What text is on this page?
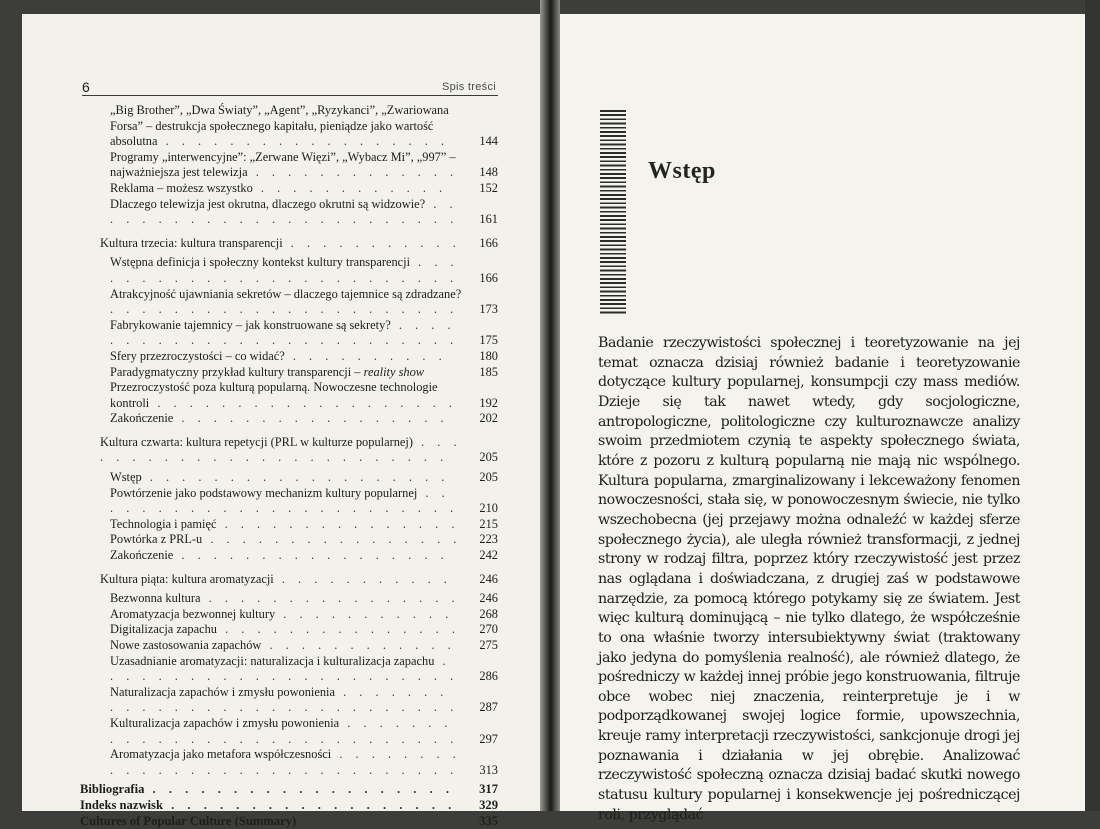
6	Spis treści
„Big Brother”, „Dwa Światy”, „Agent”, „Ryzykanci”, „Zwariowana Forsa” – destrukcja społecznego kapitału, pieniądze jako wartość absolutna . . . . . . . . . . . . . . . . . .	144
Programy „interwencyjne”: „Zerwane Więzi”, „Wybacz Mi”, „997” – najważniejsza jest telewizja . . . . . . . . . . . . .	148
Reklama – możesz wszystko . . . . . . . . . . . .	152
Dlaczego telewizja jest okrutna, dlaczego okrutni są widzowie? . . . . . . . . . . . . . . . . . . . . . . . .	161
Kultura trzecia: kultura transparencji . . . . . . . . . . . 166
Wstępna definicja i społeczny kontekst kultury transparencji . . . . . . . . . . . . . . . . . . . . . . . . .	166
Atrakcyjność ujawniania sekretów – dlaczego tajemnice są zdradzane? . . . . . . . . . . . . . . . . . . . . . .	173
Fabrykowanie tajemnicy – jak konstruowane są sekrety? . . . . . . . . . . . . . . . . . . . . . . . . . .	175
Sfery przezroczystości – co widać? . . . . . . . . . .	180
Paradygmatyczny przykład kultury transparencji – reality show	185
Przezroczystość poza kulturą popularną. Nowoczesne technologie kontroli . . . . . . . . . . . . . . . . . . .	192
Zakończenie . . . . . . . . . . . . . . . . .	202
Kultura czwarta: kultura repetycji (PRL w kulturze popularnej) . . . . . . . . . . . . . . . . . . . . . . . . .	205
Wstęp . . . . . . . . . . . . . . . . . . .	205
Powtórzenie jako podstawowy mechanizm kultury popularnej . . . . . . . . . . . . . . . . . . . . . . . .	210
Technologia i pamięć . . . . . . . . . . . . . . . 215
Powtórka z PRL-u . . . . . . . . . . . . . . . . 223
Zakończenie . . . . . . . . . . . . . . . . .	242
Kultura piąta: kultura aromatyzacji . . . . . . . . . . .	246
Bezwonna kultura . . . . . . . . . . . . . . . . 246
Aromatyzacja bezwonnej kultury . . . . . . . . . . .	268
Digitalizacja zapachu . . . . . . . . . . . . . . . 270
Nowe zastosowania zapachów . . . . . . . . . . . .	275
Uzasadnianie aromatyzacji: naturalizacja i kulturalizacja zapachu . . . . . . . . . . . . . . . . . . . . . . .	286
Naturalizacja zapachów i zmysłu powonienia . . . . . . . . . . . . . . . . . . . . . . . . . . . . .	287
Kulturalizacja zapachów i zmysłu powonienia . . . . . . . . . . . . . . . . . . . . . . . . . . . . .	297
Aromatyzacja jako metafora współczesności . . . . . . . . . . . . . . . . . . . . . . . . . . . . . .	313
Bibliografia . . . . . . . . . . . . . . . . . . .	317
Indeks nazwisk . . . . . . . . . . . . . . . . . .	329
Cultures of Popular Culture (Summary) . . . . . . . . . . 335
Wstęp
Badanie rzeczywistości społecznej i teoretyzowanie na jej temat oznacza dzisiaj również badanie i teoretyzowanie dotyczące kultury popularnej, konsumpcji czy mass mediów. Dzieje się tak nawet wtedy, gdy socjologiczne, antropologiczne, politologiczne czy kulturoznawcze analizy swoim przedmiotem czynią te aspekty społecznego świata, które z pozoru z kulturą popularną nie mają nic wspólnego. Kultura popularna, zmarginalizowany i lekceważony fenomen nowoczesności, stała się, w ponowoczesnym świecie, nie tylko wszechobecna (jej przejawy można odnaleźć w każdej sferze społecznego życia), ale uległa również transformacji, z jednej strony w rodzaj filtra, poprzez który rzeczywistość jest przez nas oglądana i doświadczana, z drugiej zaś w podstawowe narzędzie, za pomocą którego potykamy się ze światem. Jest więc kulturą dominującą – nie tylko dlatego, że współcześnie to ona właśnie tworzy intersubiektywny świat (traktowany jako jedyna do pomyślenia realność), ale również dlatego, że pośredniczy w każdej innej próbie jego konstruowania, filtruje obce wobec niej znaczenia, reinterpretuje je i w podporządkowanej swojej logice formie, upowszechnia, kreuje ramy interpretacji rzeczywistości, sankcjonuje drogi jej poznawania i działania w jej obrębie. Analizować rzeczywistość społeczną oznacza dzisiaj badać skutki nowego statusu kultury popularnej i konsekwencje jej pośredniczącej roli, przyglądać
